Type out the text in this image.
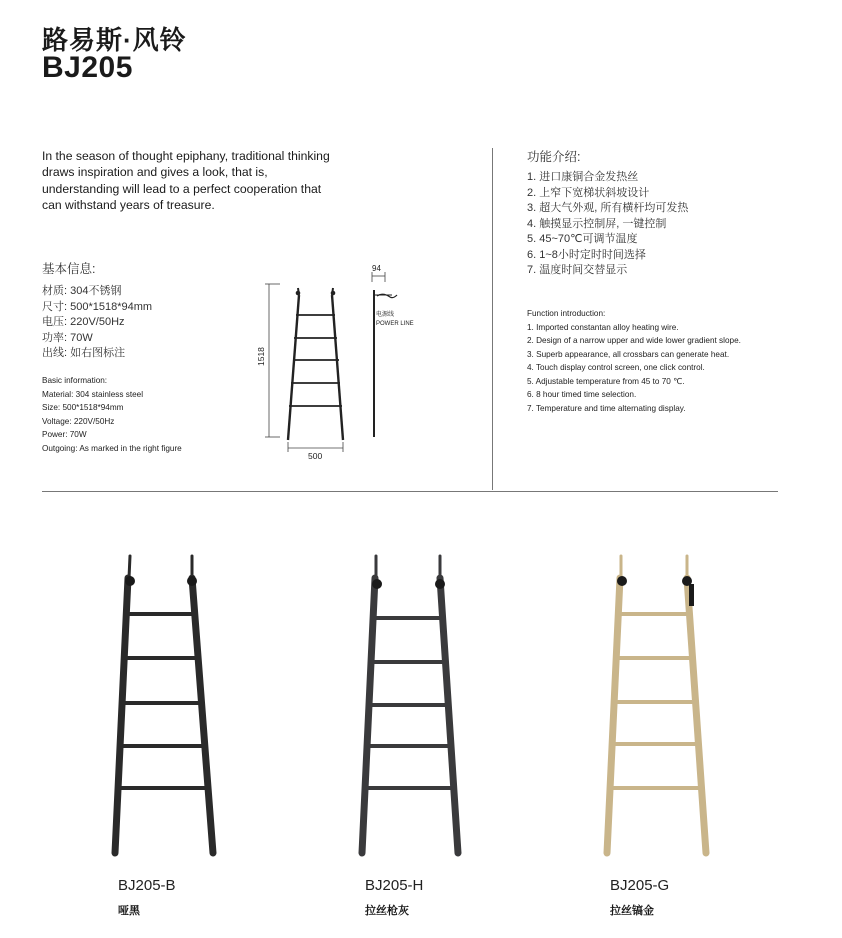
路易斯·风铃
BJ205

In the season of thought epiphany, traditional thinking draws inspiration and gives a look, that is, understanding will lead to a perfect cooperation that can withstand years of treasure.

基本信息:

材质: 304不锈钢
尺寸: 500*1518*94mm
电压: 220V/50Hz
功率: 70W
出线: 如右图标注
Basic information:
Material: 304 stainless steel
Size: 500*1518*94mm
Voltage: 220V/50Hz
Power: 70W
Outgoing: As marked in the right figure
1518
500
94
电源线
POWER LINE

功能介绍:

1. 进口康铜合金发热丝
2. 上窄下宽梯状斜坡设计
3. 超大气外观, 所有横杆均可发热
4. 触摸显示控制屏, 一键控制
5. 45~70℃可调节温度
6. 1~8小时定时时间选择
7. 温度时间交替显示
Function introduction:
1. Imported constantan alloy heating wire.
2. Design of a narrow upper and wide lower gradient slope.
3. Superb appearance, all crossbars can generate heat.
4. Touch display control screen, one click control.
5. Adjustable temperature from 45 to 70 ℃.
6. 8 hour timed time selection.
7. Temperature and time alternating display.

BJ205-B

哑黑

BJ205-H

拉丝枪灰

BJ205-G

拉丝镐金
